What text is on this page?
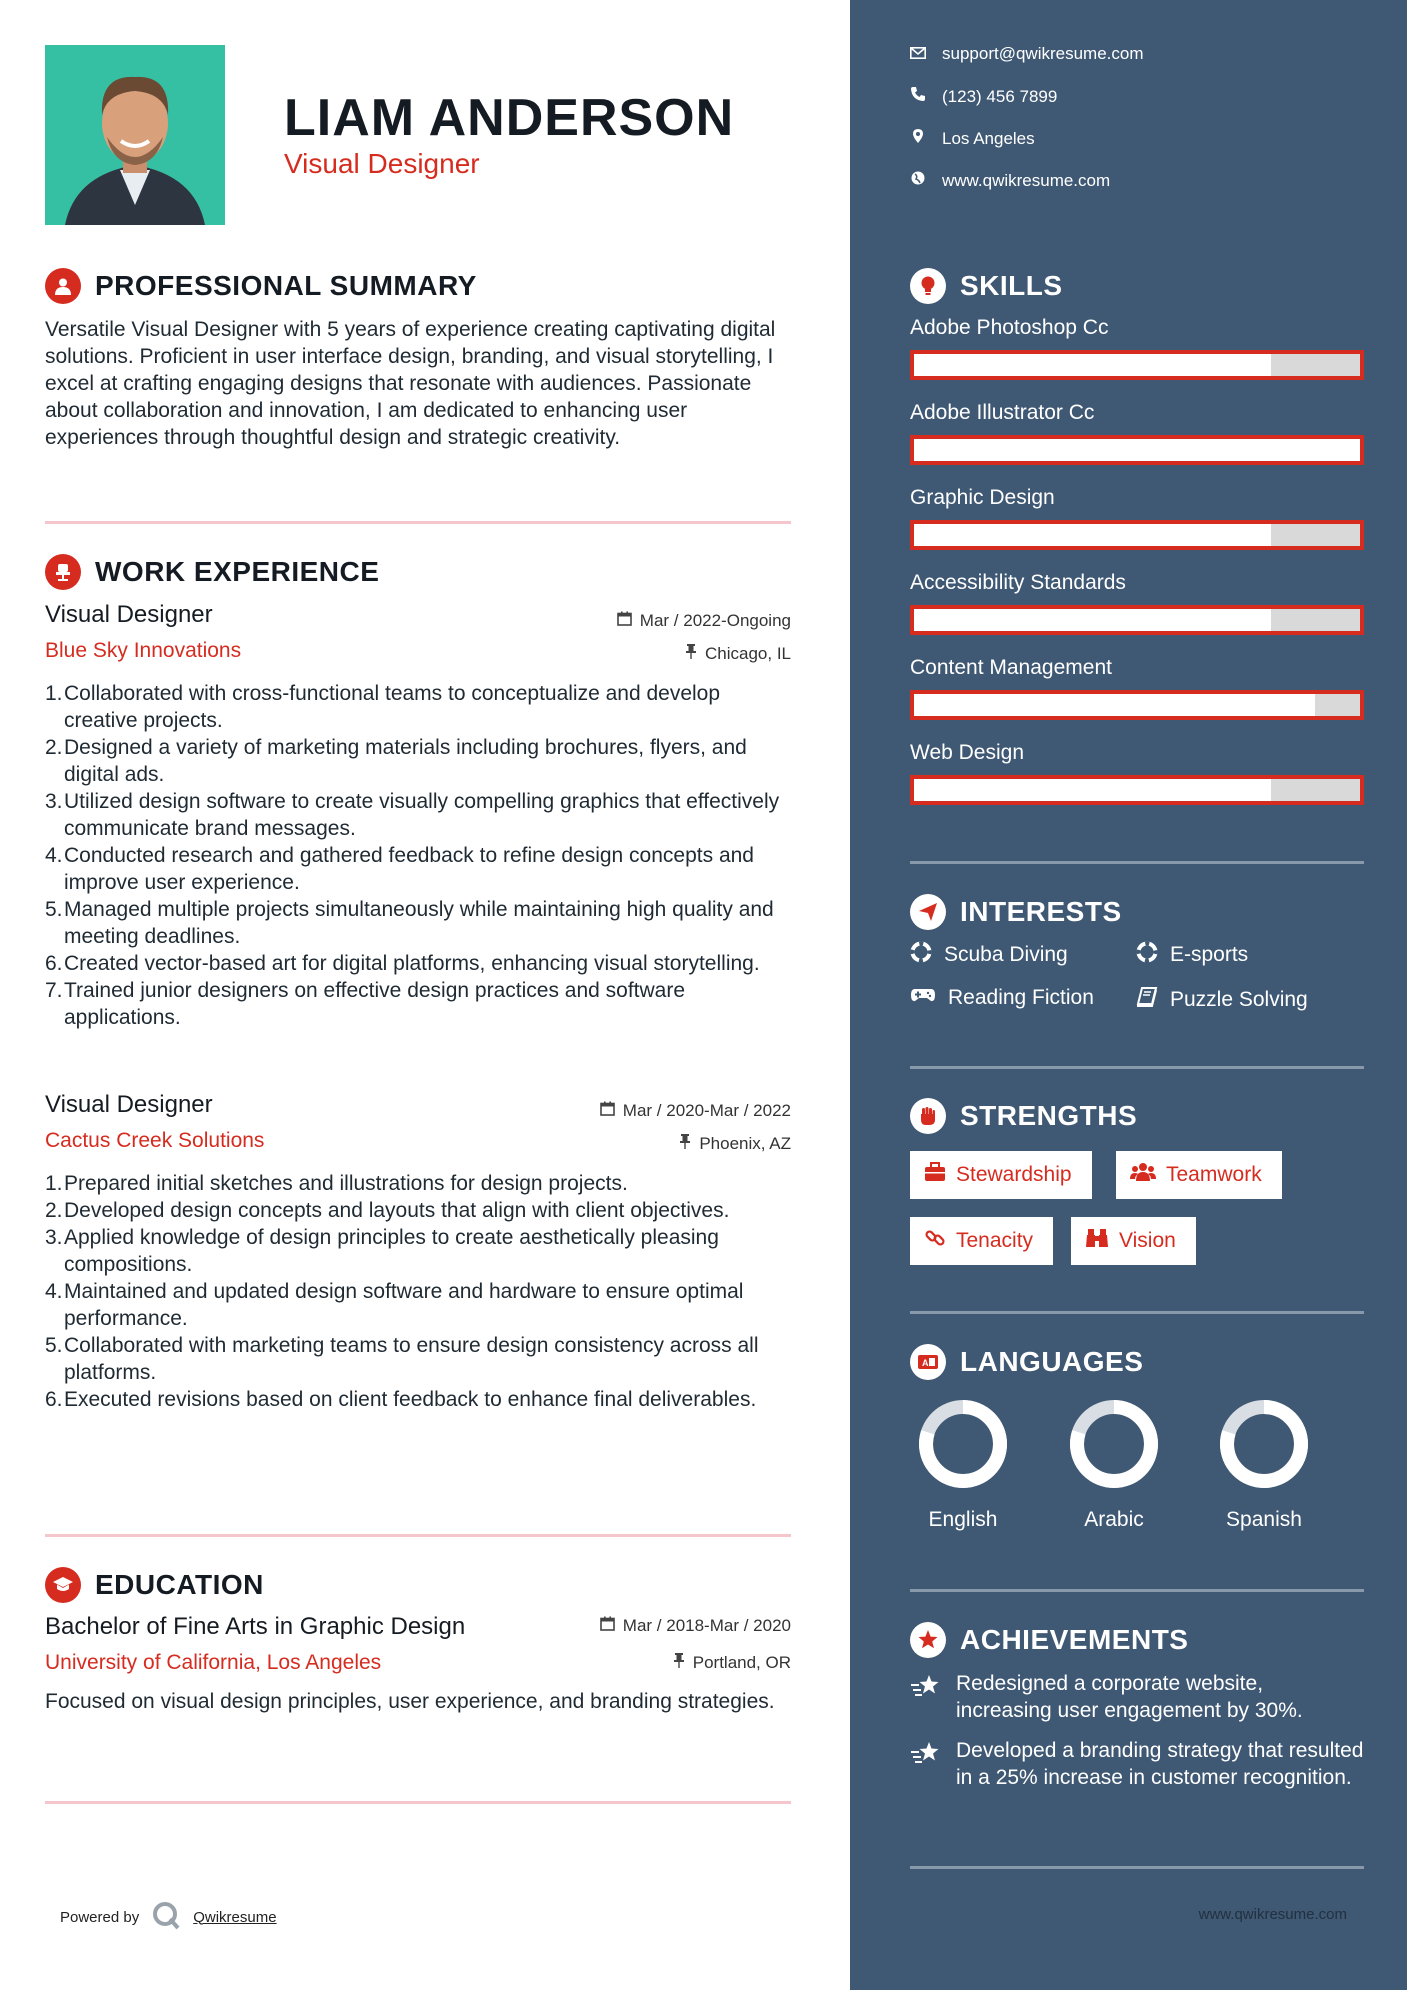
LIAM ANDERSON
Visual Designer
PROFESSIONAL SUMMARY
Versatile Visual Designer with 5 years of experience creating captivating digital solutions. Proficient in user interface design, branding, and visual storytelling, I excel at crafting engaging designs that resonate with audiences. Passionate about collaboration and innovation, I am dedicated to enhancing user experiences through thoughtful design and strategic creativity.
WORK EXPERIENCE
Visual Designer
Blue Sky Innovations
Mar / 2022-Ongoing
Chicago, IL
1. Collaborated with cross-functional teams to conceptualize and develop creative projects.
2. Designed a variety of marketing materials including brochures, flyers, and digital ads.
3. Utilized design software to create visually compelling graphics that effectively communicate brand messages.
4. Conducted research and gathered feedback to refine design concepts and improve user experience.
5. Managed multiple projects simultaneously while maintaining high quality and meeting deadlines.
6. Created vector-based art for digital platforms, enhancing visual storytelling.
7. Trained junior designers on effective design practices and software applications.
Visual Designer
Cactus Creek Solutions
Mar / 2020-Mar / 2022
Phoenix, AZ
1. Prepared initial sketches and illustrations for design projects.
2. Developed design concepts and layouts that align with client objectives.
3. Applied knowledge of design principles to create aesthetically pleasing compositions.
4. Maintained and updated design software and hardware to ensure optimal performance.
5. Collaborated with marketing teams to ensure design consistency across all platforms.
6. Executed revisions based on client feedback to enhance final deliverables.
EDUCATION
Bachelor of Fine Arts in Graphic Design
University of California, Los Angeles
Mar / 2018-Mar / 2020
Portland, OR
Focused on visual design principles, user experience, and branding strategies.
Powered by	Qwikresume
support@qwikresume.com
(123) 456 7899
Los Angeles
www.qwikresume.com
SKILLS
Adobe Photoshop Cc
Adobe Illustrator Cc
Graphic Design
Accessibility Standards
Content Management
Web Design
INTERESTS
Scuba Diving	E-sports
Reading Fiction	Puzzle Solving
STRENGTHS
Stewardship	Teamwork
Tenacity	Vision
A LANGUAGES
English	Arabic	Spanish
ACHIEVEMENTS
Redesigned a corporate website, increasing user engagement by 30%.
Developed a branding strategy that resulted in a 25% increase in customer recognition.
www.qwikresume.com
